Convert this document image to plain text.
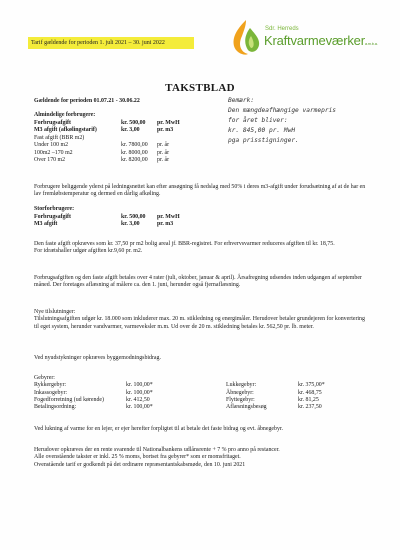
Tarif gældende for perioden 1. juli 2021 – 30. juni 2022
Sdr. Herreds
Kraftvarmeværkera.m.b.a.
TAKSTBLAD
Gældende for perioden 01.07.21 - 30.06.22
Almindelige forbrugere:
Forbrugsafgift	kr. 500,00 pr. MwH
M3 afgift (afkølingstarif)	kr. 3,00	pr. m3
Fast afgift (BBR m2)
Under 100 m2	kr. 7800,00 pr. år
100m2 –170 m2	kr. 8000,00 pr. år
Over 170 m2	kr. 8200,00 pr. år
Bemærk:
Den mængdeafhængige varmepris
for året bliver:
kr. 845,00 pr. MwH
pga prisstigninger.
Forbrugere beliggende yderst på ledningsnettet kan efter ansøgning få nedslag med 50% i deres m3-afgift under forudsætning af at de har en lav fremløbstemperatur og dermed en dårlig afkøling.
Storforbrugere:
Forbrugsafgift	kr. 500,00 pr. MwH
M3 afgift	kr. 3,00	pr. m3
Den faste afgift opkræves som kr. 37,50 pr m2 bolig areal jf. BBR-registret. For erhvervsvarmer reduceres afgiften til kr. 18,75.
For idrætshaller udgør afgiften kr.9,60 pr. m2.
Forbrugsafgiften og den faste afgift betales over 4 rater (juli, oktober, januar & april). Årsafregning udsendes inden udgangen af september måned. Der foretages aflæsning af målere ca. den 1. juni, herunder også fjernaflæsning.
Nye tilslutninger:
Tilslutningsafgiften udgør kr. 18.000 som inkluderer max. 20 m. stikledning og energimåler. Herudover betaler grundejeren for konvertering til eget system, herunder vandvarmer, varmeveksler m.m. Ud over de 20 m. stikledning betales kr. 562,50 pr. lb. meter.
Ved nyudstykninger opkræves byggemodningsbidrag.
Gebyrer:
Rykkergebyr:	kr. 100,00*
Inkassogebyr:	kr. 100,00*
Fogedforretning (ud kørende)	kr. 412,50
Betalingsordning:	kr. 100,00*
Lukkegebyr:	kr. 375,00*
Åbnegebyr:	kr. 468,75
Flyttegebyr:	kr. 81,25
Aflæsningsbesøg	kr. 237,50
Ved lukning af varme for en lejer, er ejer herefter forpligtet til at betale det faste bidrag og evt. åbnegebyr.
Herudover opkræves der en rente svarende til Nationalbankens udlånsrente + 7 % pro anno på restancer.
Alle ovenstående takster er inkl. 25 % moms, bortset fra gebyrer* som er momsfritaget.
Ovenstående tarif er godkendt på det ordinære repræsentantskabsmøde, den 10. juni 2021
